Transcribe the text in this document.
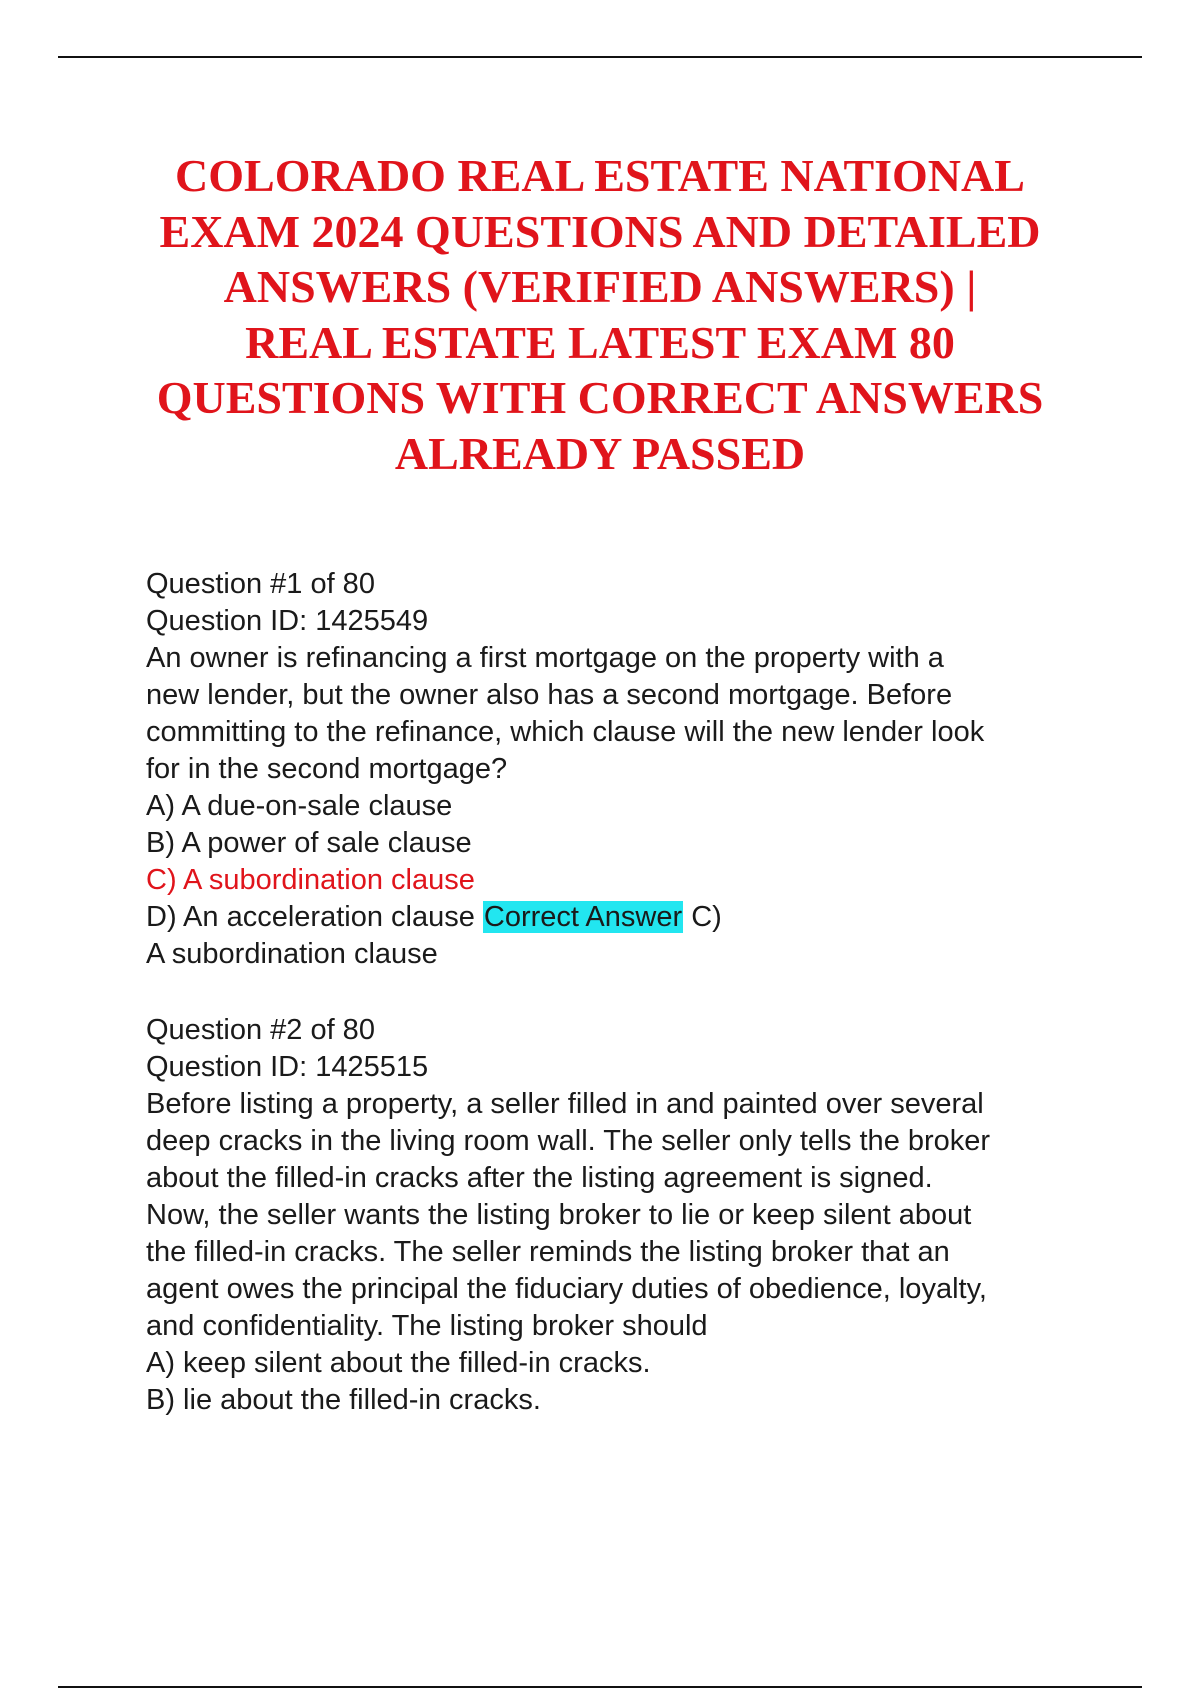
COLORADO REAL ESTATE NATIONAL
EXAM 2024 QUESTIONS AND DETAILED
ANSWERS (VERIFIED ANSWERS) |
REAL ESTATE LATEST EXAM 80
QUESTIONS WITH CORRECT ANSWERS
ALREADY PASSED
Question #1 of 80
Question ID: 1425549
An owner is refinancing a first mortgage on the property with a
new lender, but the owner also has a second mortgage. Before
committing to the refinance, which clause will the new lender look
for in the second mortgage?
A) A due-on-sale clause
B) A power of sale clause
C) A subordination clause
D) An acceleration clause Correct Answer C)
A subordination clause
Question #2 of 80
Question ID: 1425515
Before listing a property, a seller filled in and painted over several
deep cracks in the living room wall. The seller only tells the broker
about the filled-in cracks after the listing agreement is signed.
Now, the seller wants the listing broker to lie or keep silent about
the filled-in cracks. The seller reminds the listing broker that an
agent owes the principal the fiduciary duties of obedience, loyalty,
and confidentiality. The listing broker should
A) keep silent about the filled-in cracks.
B) lie about the filled-in cracks.
